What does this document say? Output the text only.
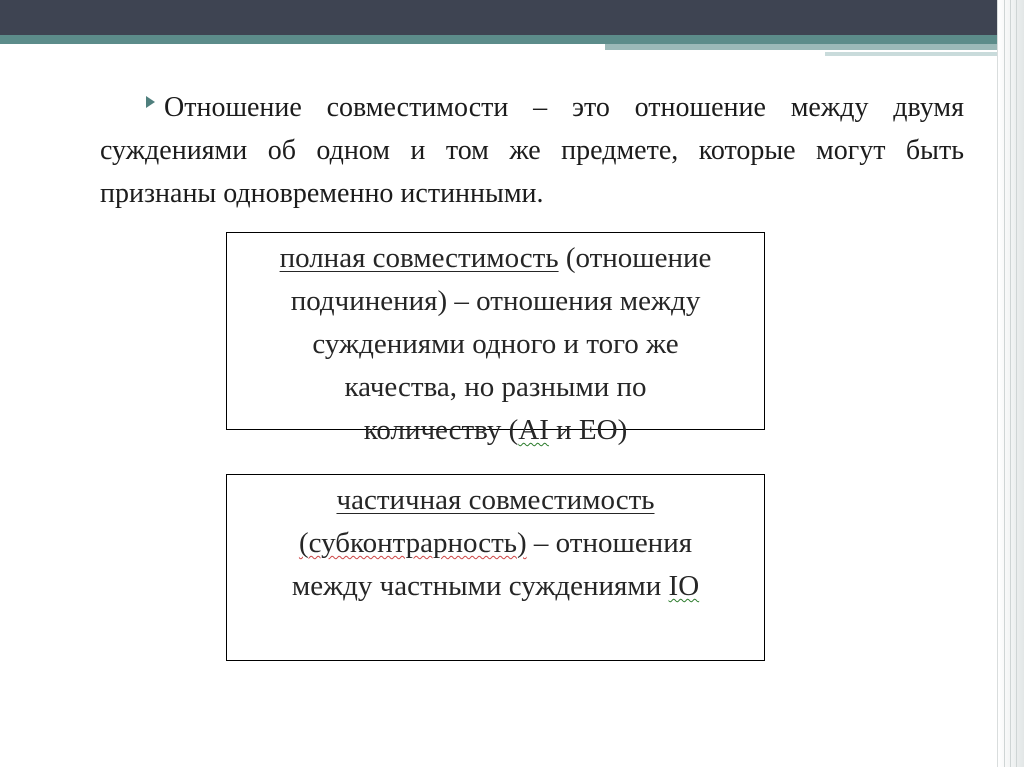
Отношение совместимости – это отношение между двумя суждениями об одном и том же предмете, которые могут быть признаны одновременно истинными.

полная совместимость (отношение
подчинения) – отношения между
суждениями одного и того же
качества, но разными по
количеству (AI и ЕО)
частичная совместимость
(субконтрарность) – отношения
между частными суждениями IO
